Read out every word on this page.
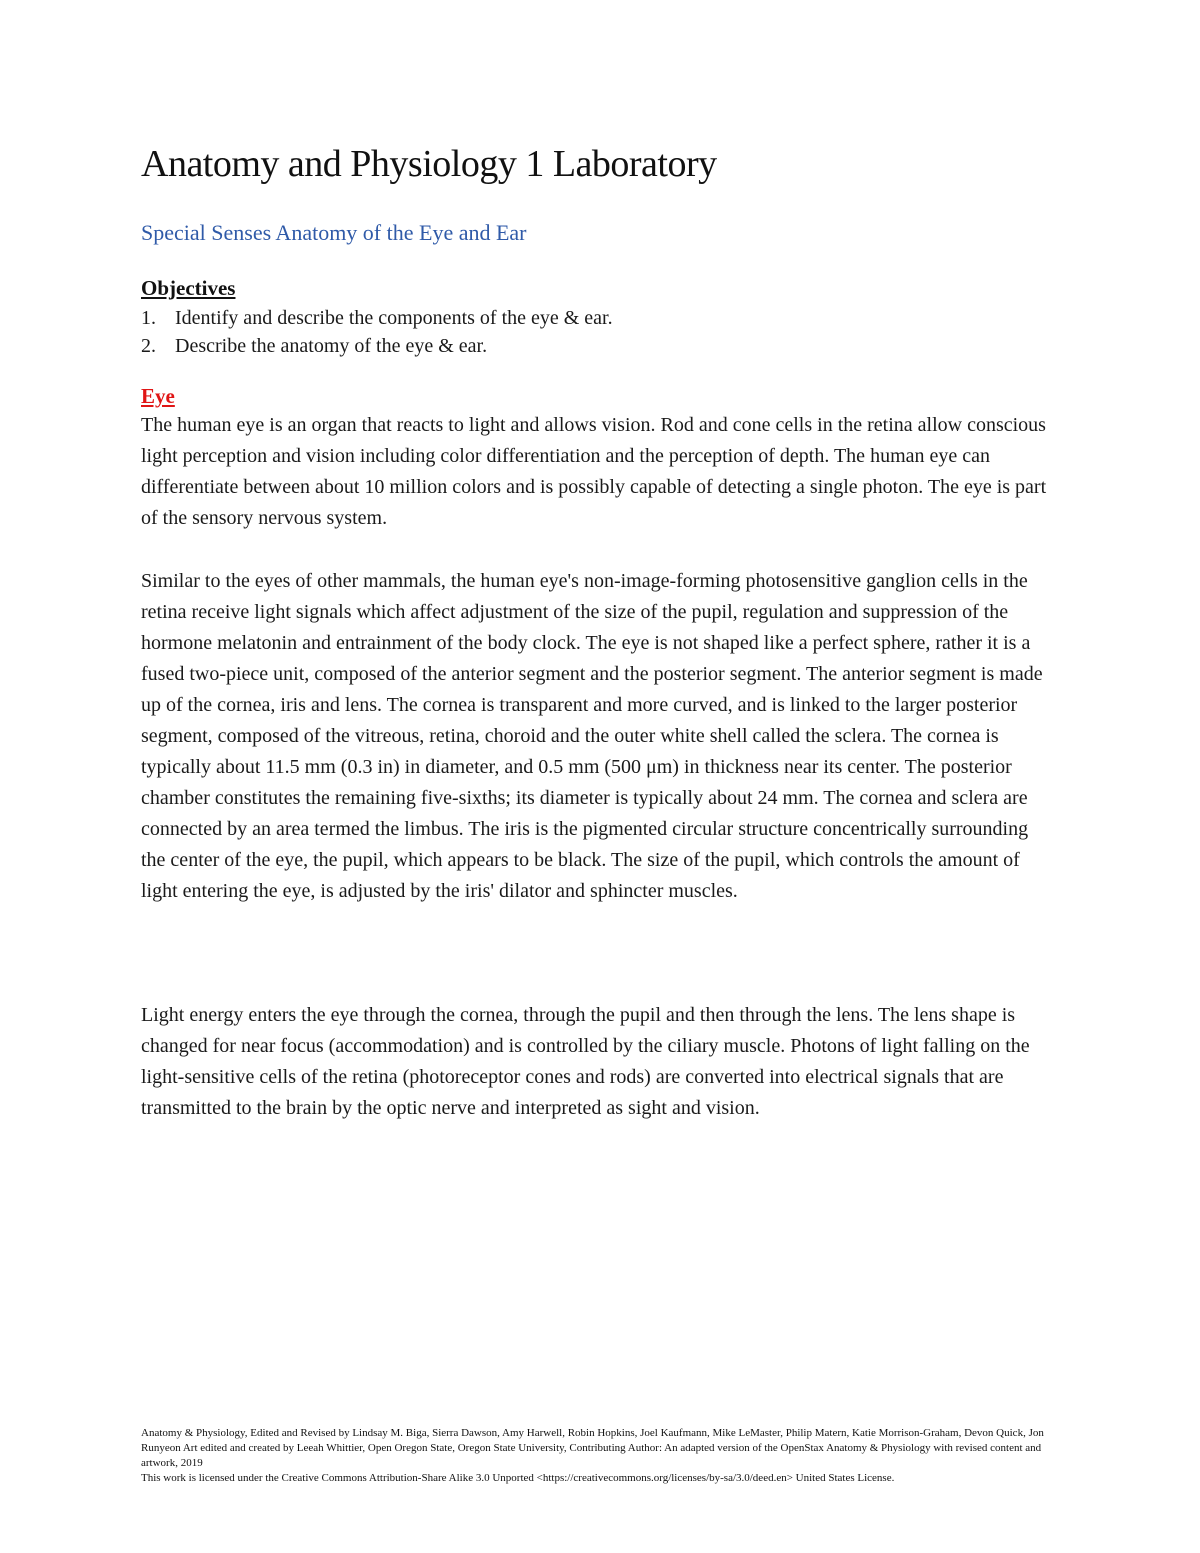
Anatomy and Physiology 1 Laboratory
Special Senses Anatomy of the Eye and Ear
Objectives
1. Identify and describe the components of the eye & ear.
2. Describe the anatomy of the eye & ear.
Eye

The human eye is an organ that reacts to light and allows vision. Rod and cone cells in the retina allow conscious light perception and vision including color differentiation and the perception of depth. The human eye can differentiate between about 10 million colors and is possibly capable of detecting a single photon. The eye is part of the sensory nervous system.

Similar to the eyes of other mammals, the human eye's non-image-forming photosensitive ganglion cells in the retina receive light signals which affect adjustment of the size of the pupil, regulation and suppression of the hormone melatonin and entrainment of the body clock. The eye is not shaped like a perfect sphere, rather it is a fused two-piece unit, composed of the anterior segment and the posterior segment. The anterior segment is made up of the cornea, iris and lens. The cornea is transparent and more curved, and is linked to the larger posterior segment, composed of the vitreous, retina, choroid and the outer white shell called the sclera. The cornea is typically about 11.5 mm (0.3 in) in diameter, and 0.5 mm (500 μm) in thickness near its center. The posterior chamber constitutes the remaining five-sixths; its diameter is typically about 24 mm. The cornea and sclera are connected by an area termed the limbus. The iris is the pigmented circular structure concentrically surrounding the center of the eye, the pupil, which appears to be black. The size of the pupil, which controls the amount of light entering the eye, is adjusted by the iris' dilator and sphincter muscles.

Light energy enters the eye through the cornea, through the pupil and then through the lens. The lens shape is changed for near focus (accommodation) and is controlled by the ciliary muscle. Photons of light falling on the light-sensitive cells of the retina (photoreceptor cones and rods) are converted into electrical signals that are transmitted to the brain by the optic nerve and interpreted as sight and vision.

Anatomy & Physiology, Edited and Revised by Lindsay M. Biga, Sierra Dawson, Amy Harwell, Robin Hopkins, Joel Kaufmann, Mike LeMaster, Philip Matern, Katie Morrison-Graham, Devon Quick, Jon Runyeon Art edited and created by Leeah Whittier, Open Oregon State, Oregon State University, Contributing Author: An adapted version of the OpenStax Anatomy & Physiology with revised content and artwork, 2019
This work is licensed under the Creative Commons Attribution-Share Alike 3.0 Unported <https://creativecommons.org/licenses/by-sa/3.0/deed.en> United States License.
